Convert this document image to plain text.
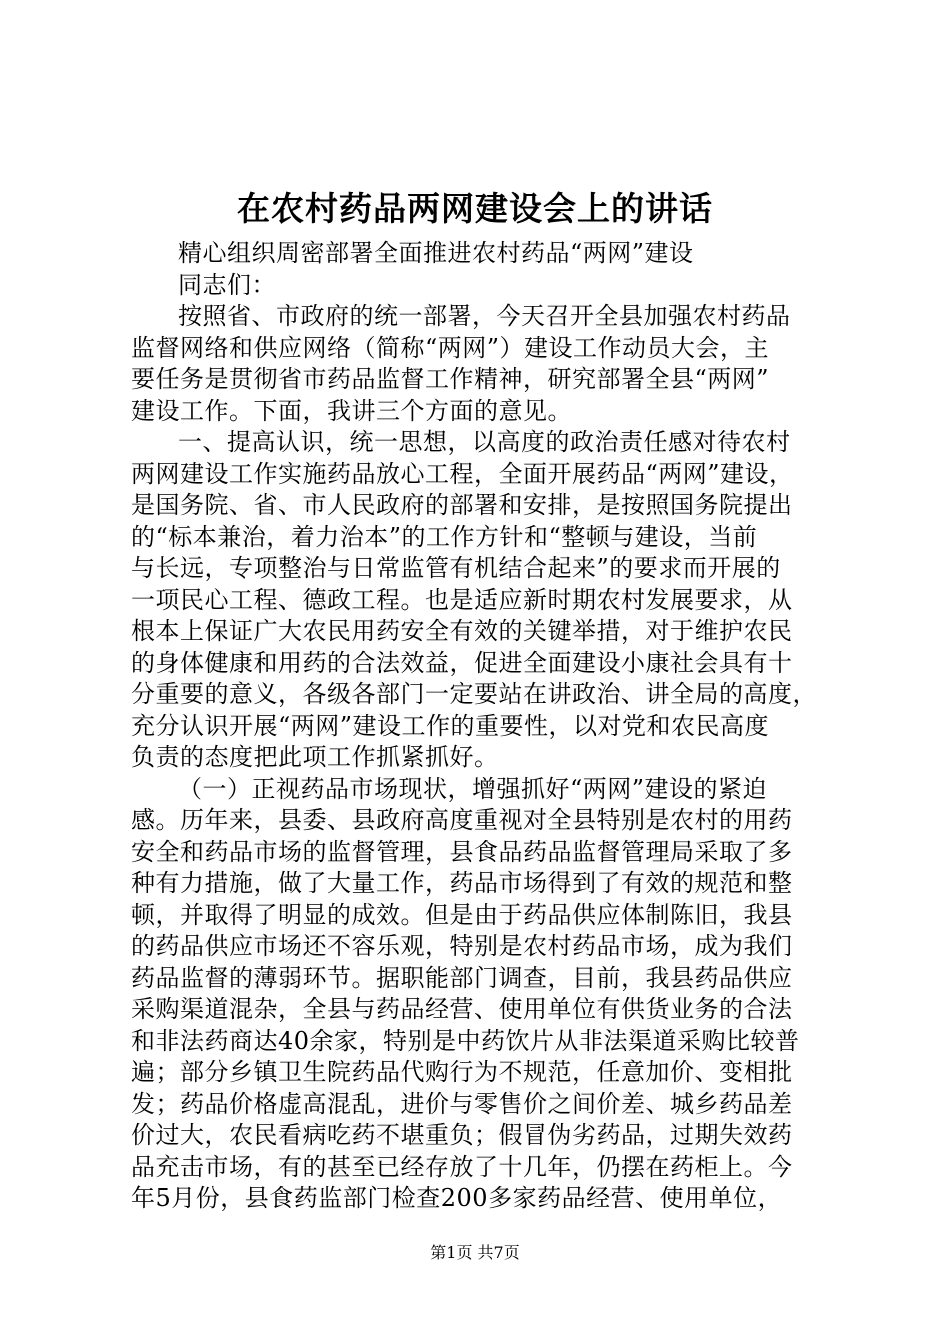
在农村药品两网建设会上的讲话
精心组织周密部署全面推进农村药品“两网”建设
同志们：
按照省、市政府的统一部署，今天召开全县加强农村药品
监督网络和供应网络（简称“两网”）建设工作动员大会，主
要任务是贯彻省市药品监督工作精神，研究部署全县“两网”
建设工作。下面，我讲三个方面的意见。
一、提高认识，统一思想，以高度的政治责任感对待农村
两网建设工作实施药品放心工程，全面开展药品“两网”建设，
是国务院、省、市人民政府的部署和安排，是按照国务院提出
的“标本兼治，着力治本”的工作方针和“整顿与建设，当前
与长远，专项整治与日常监管有机结合起来”的要求而开展的
一项民心工程、德政工程。也是适应新时期农村发展要求，从
根本上保证广大农民用药安全有效的关键举措，对于维护农民
的身体健康和用药的合法效益，促进全面建设小康社会具有十
分重要的意义，各级各部门一定要站在讲政治、讲全局的高度，
充分认识开展“两网”建设工作的重要性，以对党和农民高度
负责的态度把此项工作抓紧抓好。
（一）正视药品市场现状，增强抓好“两网”建设的紧迫
感。历年来，县委、县政府高度重视对全县特别是农村的用药
安全和药品市场的监督管理，县食品药品监督管理局采取了多
种有力措施，做了大量工作，药品市场得到了有效的规范和整
顿，并取得了明显的成效。但是由于药品供应体制陈旧，我县
的药品供应市场还不容乐观，特别是农村药品市场，成为我们
药品监督的薄弱环节。据职能部门调查，目前，我县药品供应
采购渠道混杂，全县与药品经营、使用单位有供货业务的合法
和非法药商达40余家，特别是中药饮片从非法渠道采购比较普
遍；部分乡镇卫生院药品代购行为不规范，任意加价、变相批
发；药品价格虚高混乱，进价与零售价之间价差、城乡药品差
价过大，农民看病吃药不堪重负；假冒伪劣药品，过期失效药
品充击市场，有的甚至已经存放了十几年，仍摆在药柜上。今
年5月份，县食药监部门检查200多家药品经营、使用单位，
第1页 共7页
